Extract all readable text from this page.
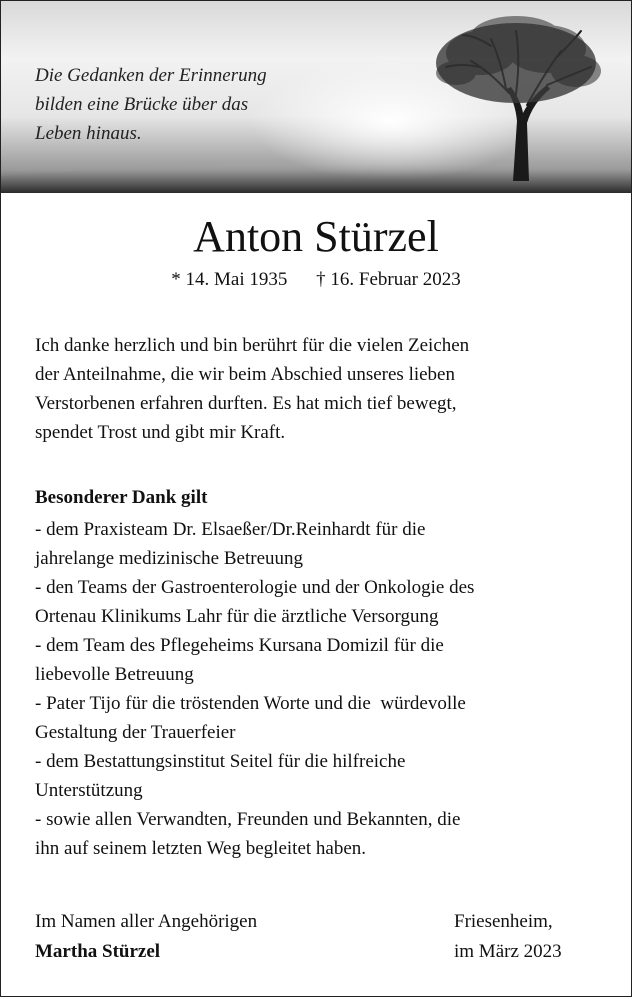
Die Gedanken der Erinnerung
bilden eine Brücke über das
Leben hinaus.
Anton Stürzel
* 14. Mai 1935 † 16. Februar 2023
Ich danke herzlich und bin berührt für die vielen Zeichen
der Anteilnahme, die wir beim Abschied unseres lieben
Verstorbenen erfahren durften. Es hat mich tief bewegt,
spendet Trost und gibt mir Kraft.
Besonderer Dank gilt
- dem Praxisteam Dr. Elsaeßer/Dr.Reinhardt für die
jahrelange medizinische Betreuung
- den Teams der Gastroenterologie und der Onkologie des
Ortenau Klinikums Lahr für die ärztliche Versorgung
- dem Team des Pflegeheims Kursana Domizil für die
liebevolle Betreuung
- Pater Tijo für die tröstenden Worte und die  würdevolle
Gestaltung der Trauerfeier
- dem Bestattungsinstitut Seitel für die hilfreiche
Unterstützung
- sowie allen Verwandten, Freunden und Bekannten, die
ihn auf seinem letzten Weg begleitet haben.
Im Namen aller Angehörigen
Martha Stürzel
Friesenheim,
im März 2023
